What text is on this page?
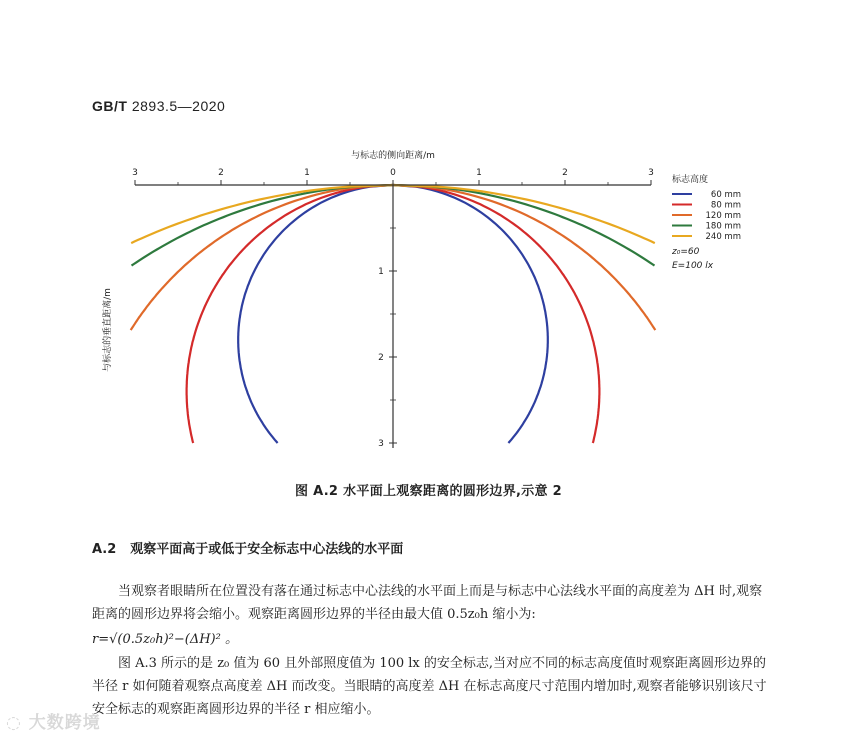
GB/T 2893.5—2020
3	2	1	0	1	2	3
1
2
3
与标志的侧向距离/m
与标志的垂直距离/m
标志高度
60 mm
80 mm
120 mm
180 mm
240 mm
z₀=60
E=100 lx
图 A.2 水平面上观察距离的圆形边界,示意 2
A.2 观察平面高于或低于安全标志中心法线的水平面
当观察者眼睛所在位置没有落在通过标志中心法线的水平面上而是与标志中心法线水平面的高度差为 ΔH 时,观察距离的圆形边界将会缩小。观察距离圆形边界的半径由最大值 0.5z₀h 缩小为:
r=√(0.5z₀h)²−(ΔH)² 。
图 A.3 所示的是 z₀ 值为 60 且外部照度值为 100 lx 的安全标志,当对应不同的标志高度值时观察距离圆形边界的半径 r 如何随着观察点高度差 ΔH 而改变。当眼睛的高度差 ΔH 在标志高度尺寸范围内增加时,观察者能够识别该尺寸安全标志的观察距离圆形边界的半径 r 相应缩小。
◌ 大数跨境
